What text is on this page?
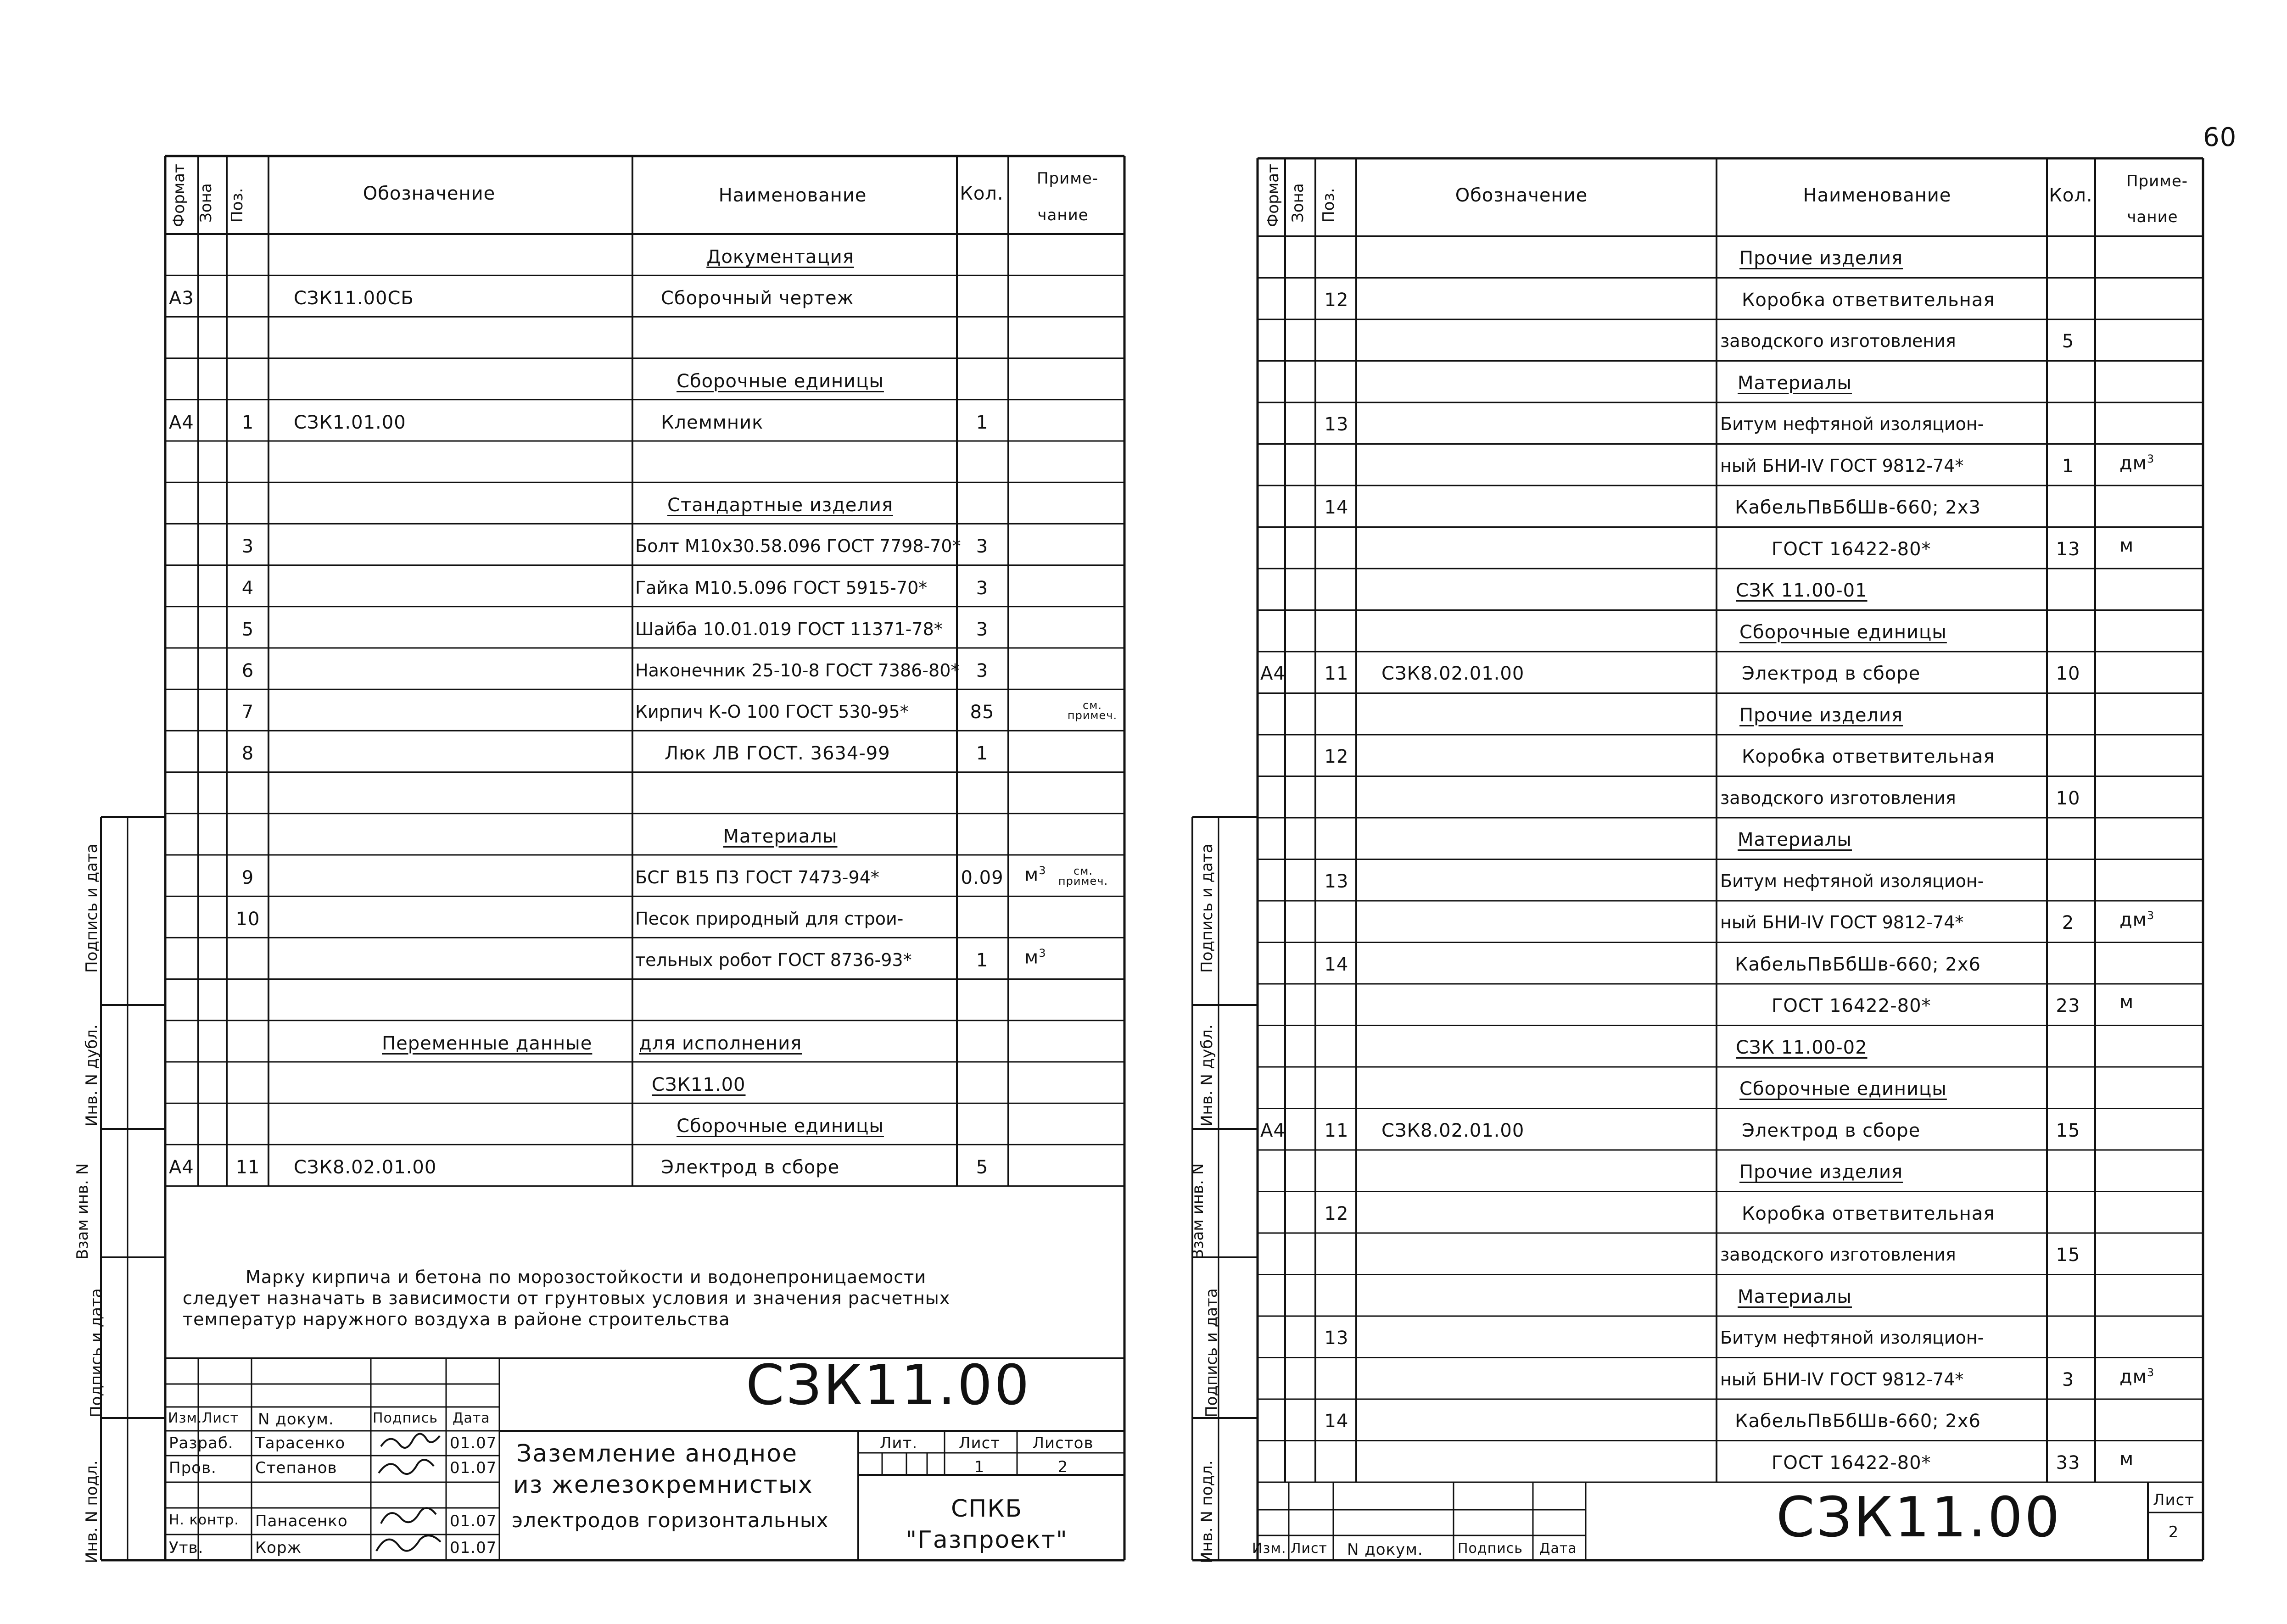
60
Формат Зона Поз.	Обозначение	Наименование	Кол.
Приме-
чание
Документация
А3	СЗК11.00СБ	Сборочный чертеж
Сборочные единицы
А4	1 СЗК1.01.00	Клеммник	1
Стандартные изделия
3	Болт М10х30.58.096 ГОСТ 7798-70* 3
4	Гайка М10.5.096 ГОСТ 5915-70*	3
5	Шайба 10.01.019 ГОСТ 11371-78* 3
6	Наконечник 25-10-8 ГОСТ 7386-80* 3
7	Кирпич К-О 100 ГОСТ 530-95*	85	см. примеч.
8	Люк ЛВ ГОСТ. 3634-99	1
Материалы
9	БСГ В15 П3 ГОСТ 7473-94*	0.09 $м^3$	см. примеч.
10	Песок природный для строи-
тельных робот ГОСТ 8736-93*	1 $м^3$
Переменные данные	для исполнения
СЗК11.00
Сборочные единицы
А4 11 СЗК8.02.01.00	Электрод в сборе	5
Подпись и дата
Инв. N дубл.
Взам инв. N
Подпись и дата
Инв. N подл.
Марку кирпича и бетона по морозостойкости и водонепроницаемости
следует назначать в зависимости от грунтовых условия и значения расчетных
температур наружного воздуха в районе строительства
СЗК11.00
Изм. Лист N докум.	Подпись Дата
Разраб. Тарасенко	01.07
Пров. Степанов	01.07
Н. контр. Панасенко	01.07
Утв.	Корж	01.07
Заземление анодное
из железокремнистых
электродов горизонтальных
Лит.	Лист Листов
1	2
СПКБ
"Газпроект"
Формат Зона Поз.	Обозначение	Наименование	Кол.
Приме-
чание
Прочие изделия
12	Коробка ответвительная
заводского изготовления	5
Материалы
13	Битум нефтяной изоляцион-
ный БНИ-IV ГОСТ 9812-74*	1 $дм^3$
14	КабельПвБбШв-660; 2х3
ГОСТ 16422-80*	13 м
СЗК 11.00-01
Сборочные единицы
А4 11 СЗК8.02.01.00	Электрод в сборе	10
Прочие изделия
12	Коробка ответвительная
заводского изготовления	10
Материалы
13	Битум нефтяной изоляцион-
ный БНИ-IV ГОСТ 9812-74*	2 $дм^3$
14	КабельПвБбШв-660; 2х6
ГОСТ 16422-80*	23 м
СЗК 11.00-02
Сборочные единицы
А4 11 СЗК8.02.01.00	Электрод в сборе	15
Прочие изделия
12	Коробка ответвительная
заводского изготовления	15
Материалы
13	Битум нефтяной изоляцион-
ный БНИ-IV ГОСТ 9812-74*	3 $дм^3$
14	КабельПвБбШв-660; 2х6
ГОСТ 16422-80*	33 м
Подпись и дата
Инв. N дубл.
Взам инв. N
Подпись и дата
Инв. N подл.	СЗК11.00
Изм. Лист N докум.	Подпись Дата
Лист
2
